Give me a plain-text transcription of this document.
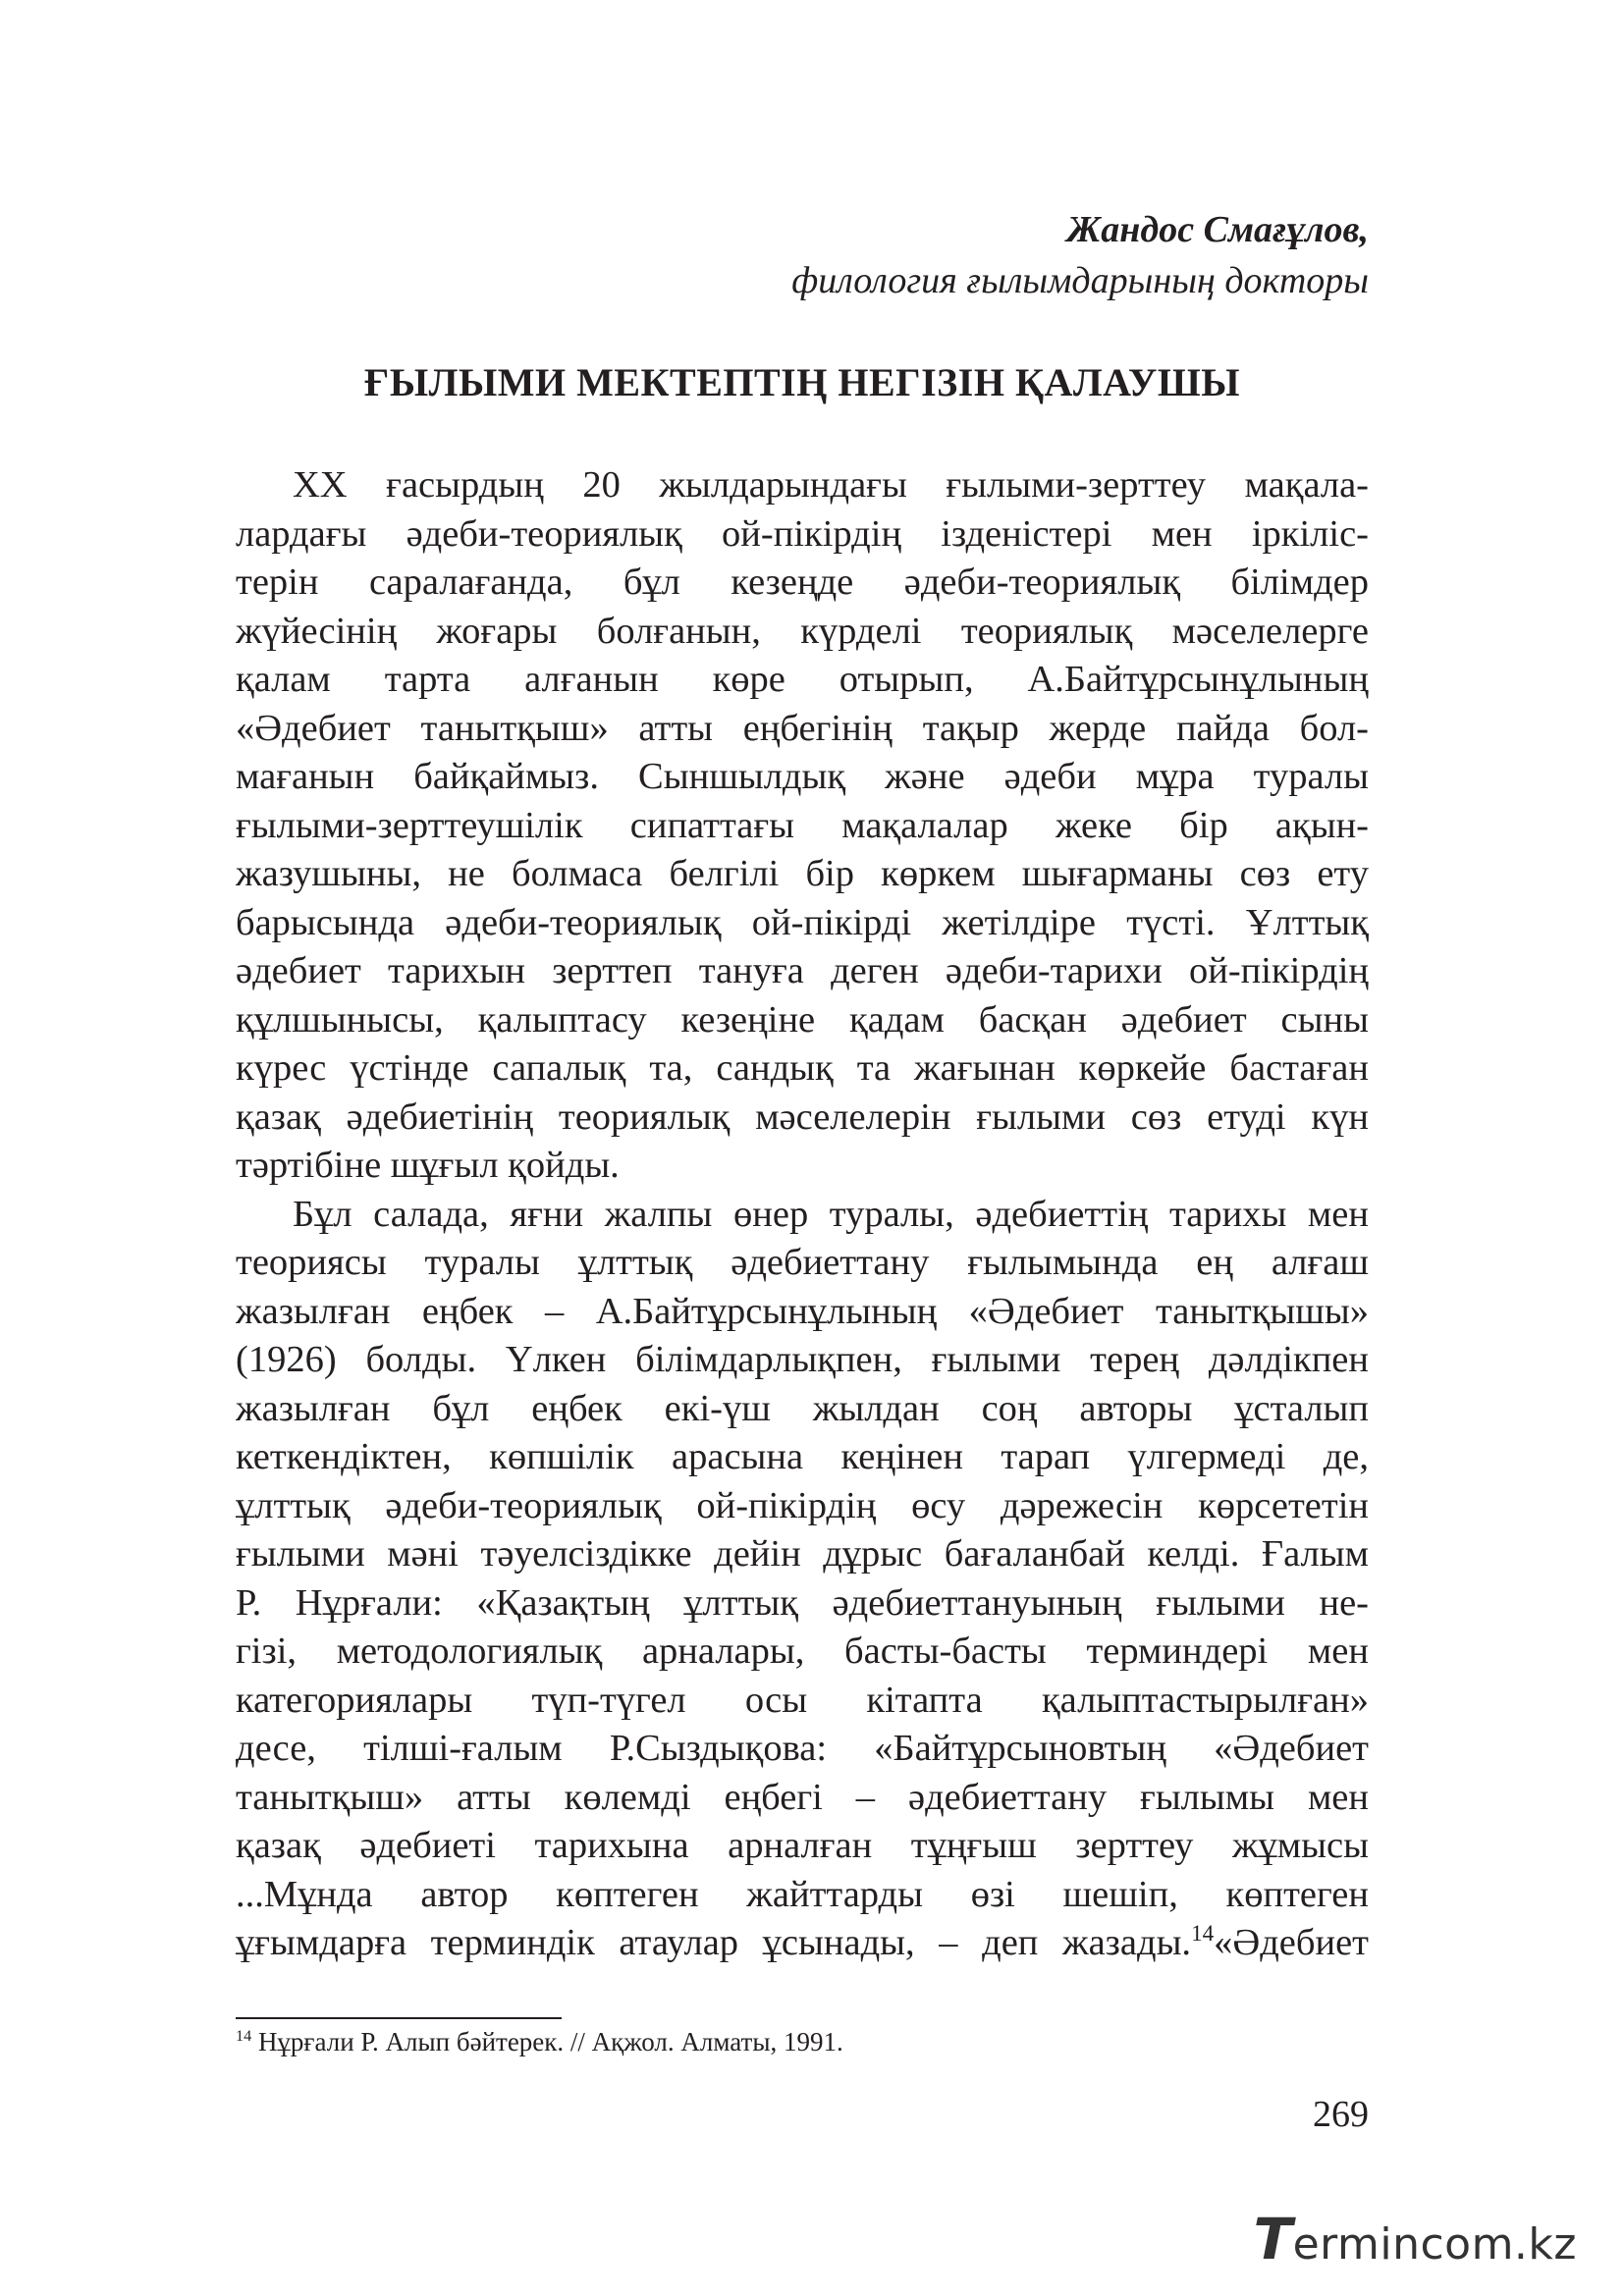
Жандос Смағұлов,
филология ғылымдарының докторы
ҒЫЛЫМИ МЕКТЕПТІҢ НЕГІЗІН ҚАЛАУШЫ
XX ғасырдың 20 жылдарындағы ғылыми-зерттеу мақала-
лардағы әдеби-теориялық ой-пікірдің ізденістері мен іркіліс-
терін саралағанда, бұл кезеңде әдеби-теориялық білімдер
жүйесінің жоғары болғанын, күрделі теориялық мәселелерге
қалам тарта алғанын көре отырып, А.Байтұрсынұлының
«Әдебиет танытқыш» атты еңбегінің тақыр жерде пайда бол-
мағанын байқаймыз. Сыншылдық және әдеби мұра туралы
ғылыми-зерттеушілік сипаттағы мақалалар жеке бір ақын-
жазушыны, не болмаса белгілі бір көркем шығарманы сөз ету
барысында әдеби-теориялық ой-пікірді жетілдіре түсті. Ұлттық
әдебиет тарихын зерттеп тануға деген әдеби-тарихи ой-пікірдің
құлшынысы, қалыптасу кезеңіне қадам басқан әдебиет сыны
күрес үстінде сапалық та, сандық та жағынан көркейе бастаған
қазақ әдебиетінің теориялық мәселелерін ғылыми сөз етуді күн
тәртібіне шұғыл қойды.
Бұл салада, яғни жалпы өнер туралы, әдебиеттің тарихы мен
теориясы туралы ұлттық әдебиеттану ғылымында ең алғаш
жазылған еңбек – А.Байтұрсынұлының «Әдебиет танытқышы»
(1926) болды. Үлкен білімдарлықпен, ғылыми терең дәлдікпен
жазылған бұл еңбек екі-үш жылдан соң авторы ұсталып
кеткендіктен, көпшілік арасына кеңінен тарап үлгермеді де,
ұлттық әдеби-теориялық ой-пікірдің өсу дәрежесін көрсететін
ғылыми мәні тәуелсіздікке дейін дұрыс бағаланбай келді. Ғалым
Р. Нұрғали: «Қазақтың ұлттық әдебиеттануының ғылыми не-
гізі, методологиялық арналары, басты-басты терминдері мен
категориялары түп-түгел осы кітапта қалыптастырылған»
десе, тілші-ғалым Р.Сыздықова: «Байтұрсыновтың «Әдебиет
танытқыш» атты көлемді еңбегі – әдебиеттану ғылымы мен
қазақ әдебиеті тарихына арналған тұңғыш зерттеу жұмысы
...Мұнда автор көптеген жайттарды өзі шешіп, көптеген
ұғымдарға терминдік атаулар ұсынады, – деп жазады.$^{14}$«Әдебиет
$^{14}$ Нұрғали Р. Алып бәйтерек. // Ақжол. Алматы, 1991.
269
Termincom.kz
